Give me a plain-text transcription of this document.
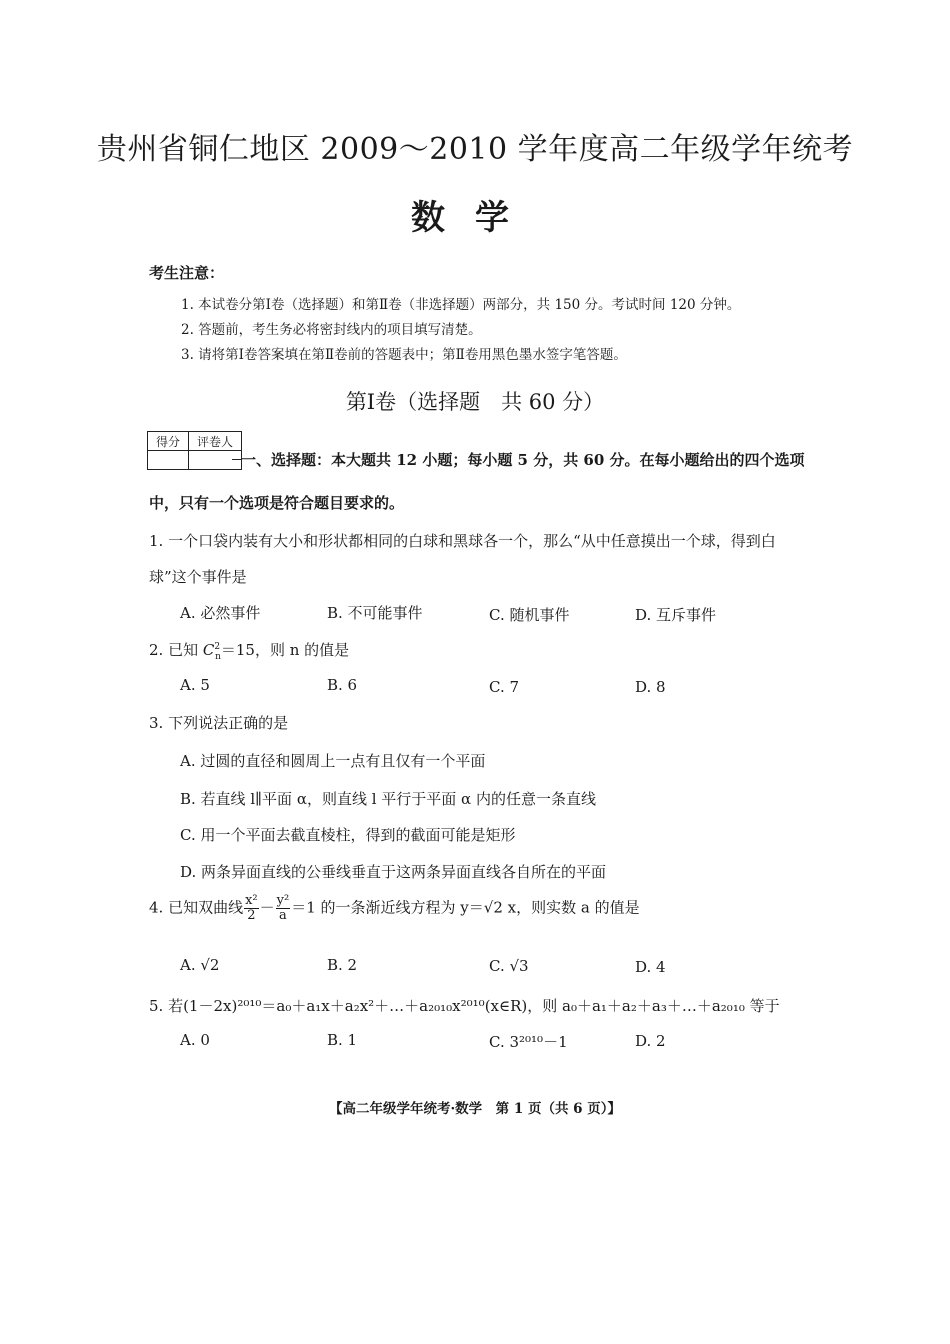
贵州省铜仁地区 2009～2010 学年度高二年级学年统考
数学
考生注意：
1. 本试卷分第Ⅰ卷（选择题）和第Ⅱ卷（非选择题）两部分，共 150 分。考试时间 120 分钟。
2. 答题前，考生务必将密封线内的项目填写清楚。
3. 请将第Ⅰ卷答案填在第Ⅱ卷前的答题表中；第Ⅱ卷用黑色墨水签字笔答题。
第Ⅰ卷（选择题　共 60 分）
得分	评卷人

一、选择题：本大题共 12 小题；每小题 5 分，共 60 分。在每小题给出的四个选项
中，只有一个选项是符合题目要求的。
1. 一个口袋内装有大小和形状都相同的白球和黑球各一个，那么“从中任意摸出一个球，得到白
球”这个事件是
A. 必然事件	B. 不可能事件	C. 随机事件	D. 互斥事件
2. 已知 $C^2_n=15$，则 n 的值是
A. 5	B. 6	C. 7	D. 8
3. 下列说法正确的是
A. 过圆的直径和圆周上一点有且仅有一个平面
B. 若直线 l∥平面 α，则直线 l 平行于平面 α 内的任意一条直线
C. 用一个平面去截直棱柱，得到的截面可能是矩形
D. 两条异面直线的公垂线垂直于这两条异面直线各自所在的平面
4. 已知双曲线 $\frac{\text{x²}}{2} - \frac{\text{y²}}{a} =1$ 的一条渐近线方程为 y＝√2 x，则实数 a 的值是
A. √2	B. 2	C. √3	D. 4
5. 若(1－2x)²⁰¹⁰＝a₀＋a₁x＋a₂x²＋…＋a₂₀₁₀x²⁰¹⁰(x∈R)，则 a₀＋a₁＋a₂＋a₃＋…＋a₂₀₁₀ 等于
A. 0	B. 1	C. 3²⁰¹⁰－1	D. 2
【高二年级学年统考·数学　第 1 页（共 6 页）】
